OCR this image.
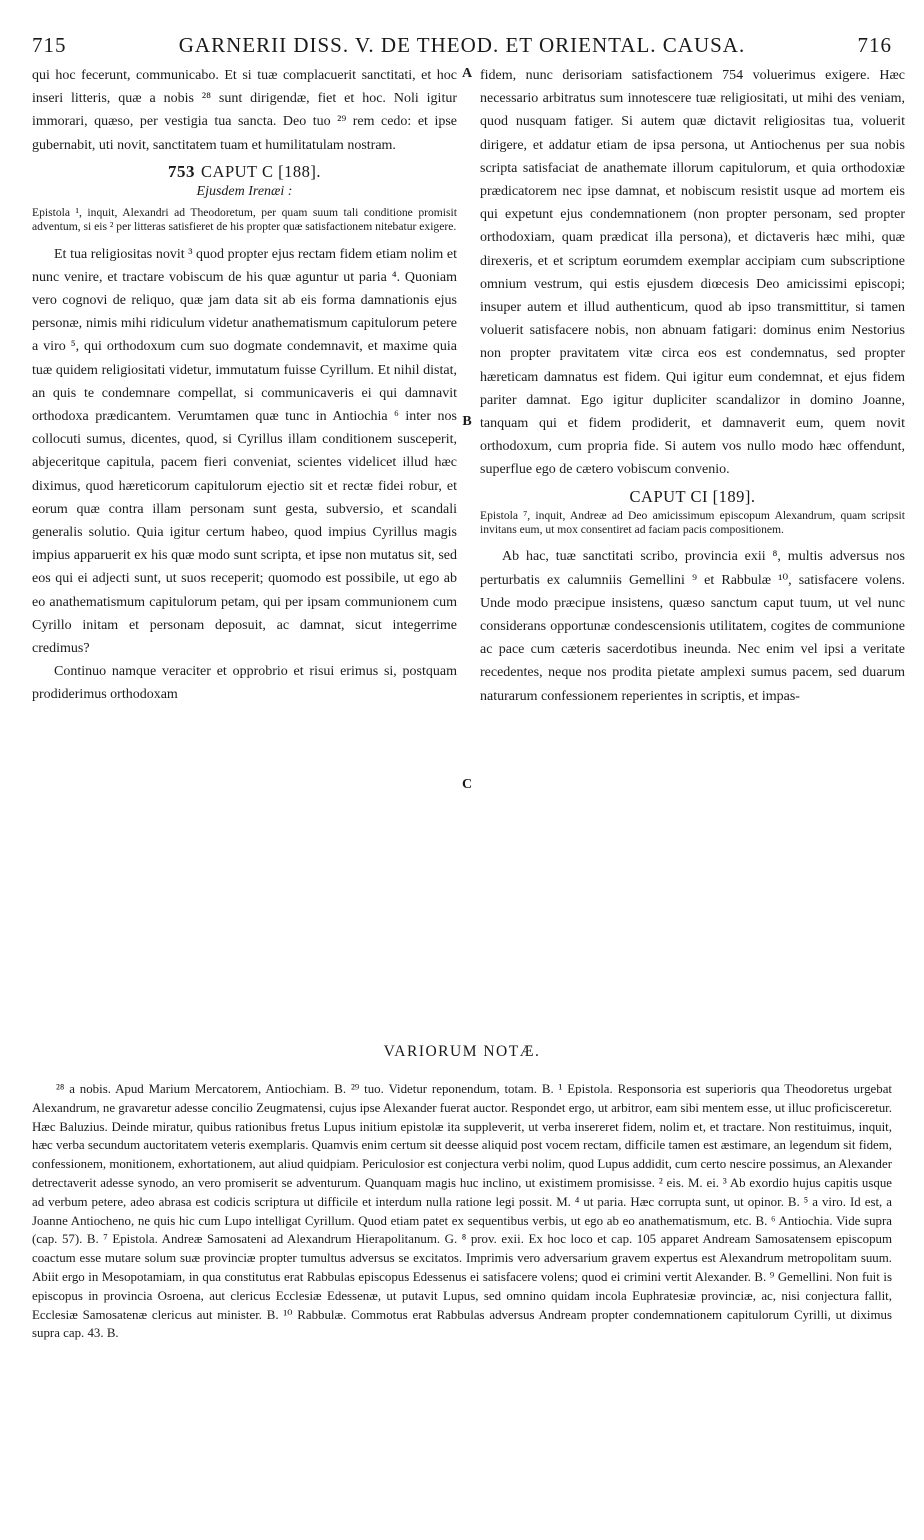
715	GARNERII DISS. V. DE THEOD. ET ORIENTAL. CAUSA.	716

qui hoc fecerunt, communicabo. Et si tuæ complacuerit sanctitati, et hoc inseri litteris, quæ a nobis ²⁸ sunt dirigendæ, fiet et hoc. Noli igitur immorari, quæso, per vestigia tua sancta. Deo tuo ²⁹ rem cedo: et ipse gubernabit, uti novit, sanctitatem tuam et humilitatulam nostram.

753 CAPUT C [188].
Ejusdem Irenæi :

Epistola ¹, inquit, Alexandri ad Theodoretum, per quam suum tali conditione promisit adventum, si eis ² per litteras satisfieret de his propter quæ satisfactionem nitebatur exigere.

Et tua religiositas novit ³ quod propter ejus rectam fidem etiam nolim et nunc venire, et tractare vobiscum de his quæ aguntur ut paria ⁴. Quoniam vero cognovi de reliquo, quæ jam data sit ab eis forma damnationis ejus personæ, nimis mihi ridiculum videtur anathematismum capitulorum petere a viro ⁵, qui orthodoxum cum suo dogmate condemnavit, et maxime quia tuæ quidem religiositati videtur, immutatum fuisse Cyrillum. Et nihil distat, an quis te condemnare compellat, si communicaveris ei qui damnavit orthodoxa prædicantem. Verumtamen quæ tunc in Antiochia ⁶ inter nos collocuti sumus, dicentes, quod, si Cyrillus illam conditionem susceperit, abjeceritque capitula, pacem fieri conveniat, scientes videlicet illud hæc diximus, quod hæreticorum capitulorum ejectio sit et rectæ fidei robur, et eorum quæ contra illam personam sunt gesta, subversio, et scandali generalis solutio. Quia igitur certum habeo, quod impius Cyrillus magis impius apparuerit ex his quæ modo sunt scripta, et ipse non mutatus sit, sed eos qui ei adjecti sunt, ut suos receperit; quomodo est possibile, ut ego ab eo anathematismum capitulorum petam, qui per ipsam communionem cum Cyrillo initam et personam deposuit, ac damnat, sicut integerrime credimus?

Continuo namque veraciter et opprobrio et risui erimus si, postquam prodiderimus orthodoxam

A
B
C

fidem, nunc derisoriam satisfactionem 754 voluerimus exigere. Hæc necessario arbitratus sum innotescere tuæ religiositati, ut mihi des veniam, quod nusquam fatiger. Si autem quæ dictavit religiositas tua, voluerit dirigere, et addatur etiam de ipsa persona, ut Antiochenus per sua nobis scripta satisfaciat de anathemate illorum capitulorum, et quia orthodoxiæ prædicatorem nec ipse damnat, et nobiscum resistit usque ad mortem eis qui expetunt ejus condemnationem (non propter personam, sed propter orthodoxiam, quam prædicat illa persona), et dictaveris hæc mihi, quæ direxeris, et et scriptum eorumdem exemplar accipiam cum subscriptione omnium vestrum, qui estis ejusdem diœcesis Deo amicissimi episcopi; insuper autem et illud authenticum, quod ab ipso transmittitur, si tamen voluerit satisfacere nobis, non abnuam fatigari: dominus enim Nestorius non propter pravitatem vitæ circa eos est condemnatus, sed propter hæreticam damnatus est fidem. Qui igitur eum condemnat, et ejus fidem pariter damnat. Ego igitur dupliciter scandalizor in domino Joanne, tanquam qui et fidem prodiderit, et damnaverit eum, quem novit orthodoxum, cum propria fide. Si autem vos nullo modo hæc offendunt, superflue ego de cætero vobiscum convenio.

CAPUT CI [189].

Epistola ⁷, inquit, Andreæ ad Deo amicissimum episcopum Alexandrum, quam scripsit invitans eum, ut mox consentiret ad faciam pacis compositionem.

Ab hac, tuæ sanctitati scribo, provincia exii ⁸, multis adversus nos perturbatis ex calumniis Gemellini ⁹ et Rabbulæ ¹⁰, satisfacere volens. Unde modo præcipue insistens, quæso sanctum caput tuum, ut vel nunc considerans opportunæ condescensionis utilitatem, cogites de communione ac pace cum cæteris sacerdotibus ineunda. Nec enim vel ipsi a veritate recedentes, neque nos prodita pietate amplexi sumus pacem, sed duarum naturarum confessionem reperientes in scriptis, et impas-

VARIORUM NOTÆ.

²⁸ a nobis. Apud Marium Mercatorem, Antiochiam. B. ²⁹ tuo. Videtur reponendum, totam. B. ¹ Epistola. Responsoria est superioris qua Theodoretus urgebat Alexandrum, ne gravaretur adesse concilio Zeugmatensi, cujus ipse Alexander fuerat auctor. Respondet ergo, ut arbitror, eam sibi mentem esse, ut illuc proficisceretur. Hæc Baluzius. Deinde miratur, quibus rationibus fretus Lupus initium epistolæ ita suppleverit, ut verba insereret fidem, nolim et, et tractare. Non restituimus, inquit, hæc verba secundum auctoritatem veteris exemplaris. Quamvis enim certum sit deesse aliquid post vocem rectam, difficile tamen est æstimare, an legendum sit fidem, confessionem, monitionem, exhortationem, aut aliud quidpiam. Periculosior est conjectura verbi nolim, quod Lupus addidit, cum certo nescire possimus, an Alexander detrectaverit adesse synodo, an vero promiserit se adventurum. Quanquam magis huc inclino, ut existimem promisisse. ² eis. M. ei. ³ Ab exordio hujus capitis usque ad verbum petere, adeo abrasa est codicis scriptura ut difficile et interdum nulla ratione legi possit. M. ⁴ ut paria. Hæc corrupta sunt, ut opinor. B. ⁵ a viro. Id est, a Joanne Antiocheno, ne quis hic cum Lupo intelligat Cyrillum. Quod etiam patet ex sequentibus verbis, ut ego ab eo anathematismum, etc. B. ⁶ Antiochia. Vide supra (cap. 57). B. ⁷ Epistola. Andreæ Samosateni ad Alexandrum Hierapolitanum. G. ⁸ prov. exii. Ex hoc loco et cap. 105 apparet Andream Samosatensem episcopum coactum esse mutare solum suæ provinciæ propter tumultus adversus se excitatos. Imprimis vero adversarium gravem expertus est Alexandrum metropolitam suum. Abiit ergo in Mesopotamiam, in qua constitutus erat Rabbulas episcopus Edessenus ei satisfacere volens; quod ei crimini vertit Alexander. B. ⁹ Gemellini. Non fuit is episcopus in provincia Osroena, aut clericus Ecclesiæ Edessenæ, ut putavit Lupus, sed omnino quidam incola Euphratesiæ provinciæ, ac, nisi conjectura fallit, Ecclesiæ Samosatenæ clericus aut minister. B. ¹⁰ Rabbulæ. Commotus erat Rabbulas adversus Andream propter condemnationem capitulorum Cyrilli, ut diximus supra cap. 43. B.
